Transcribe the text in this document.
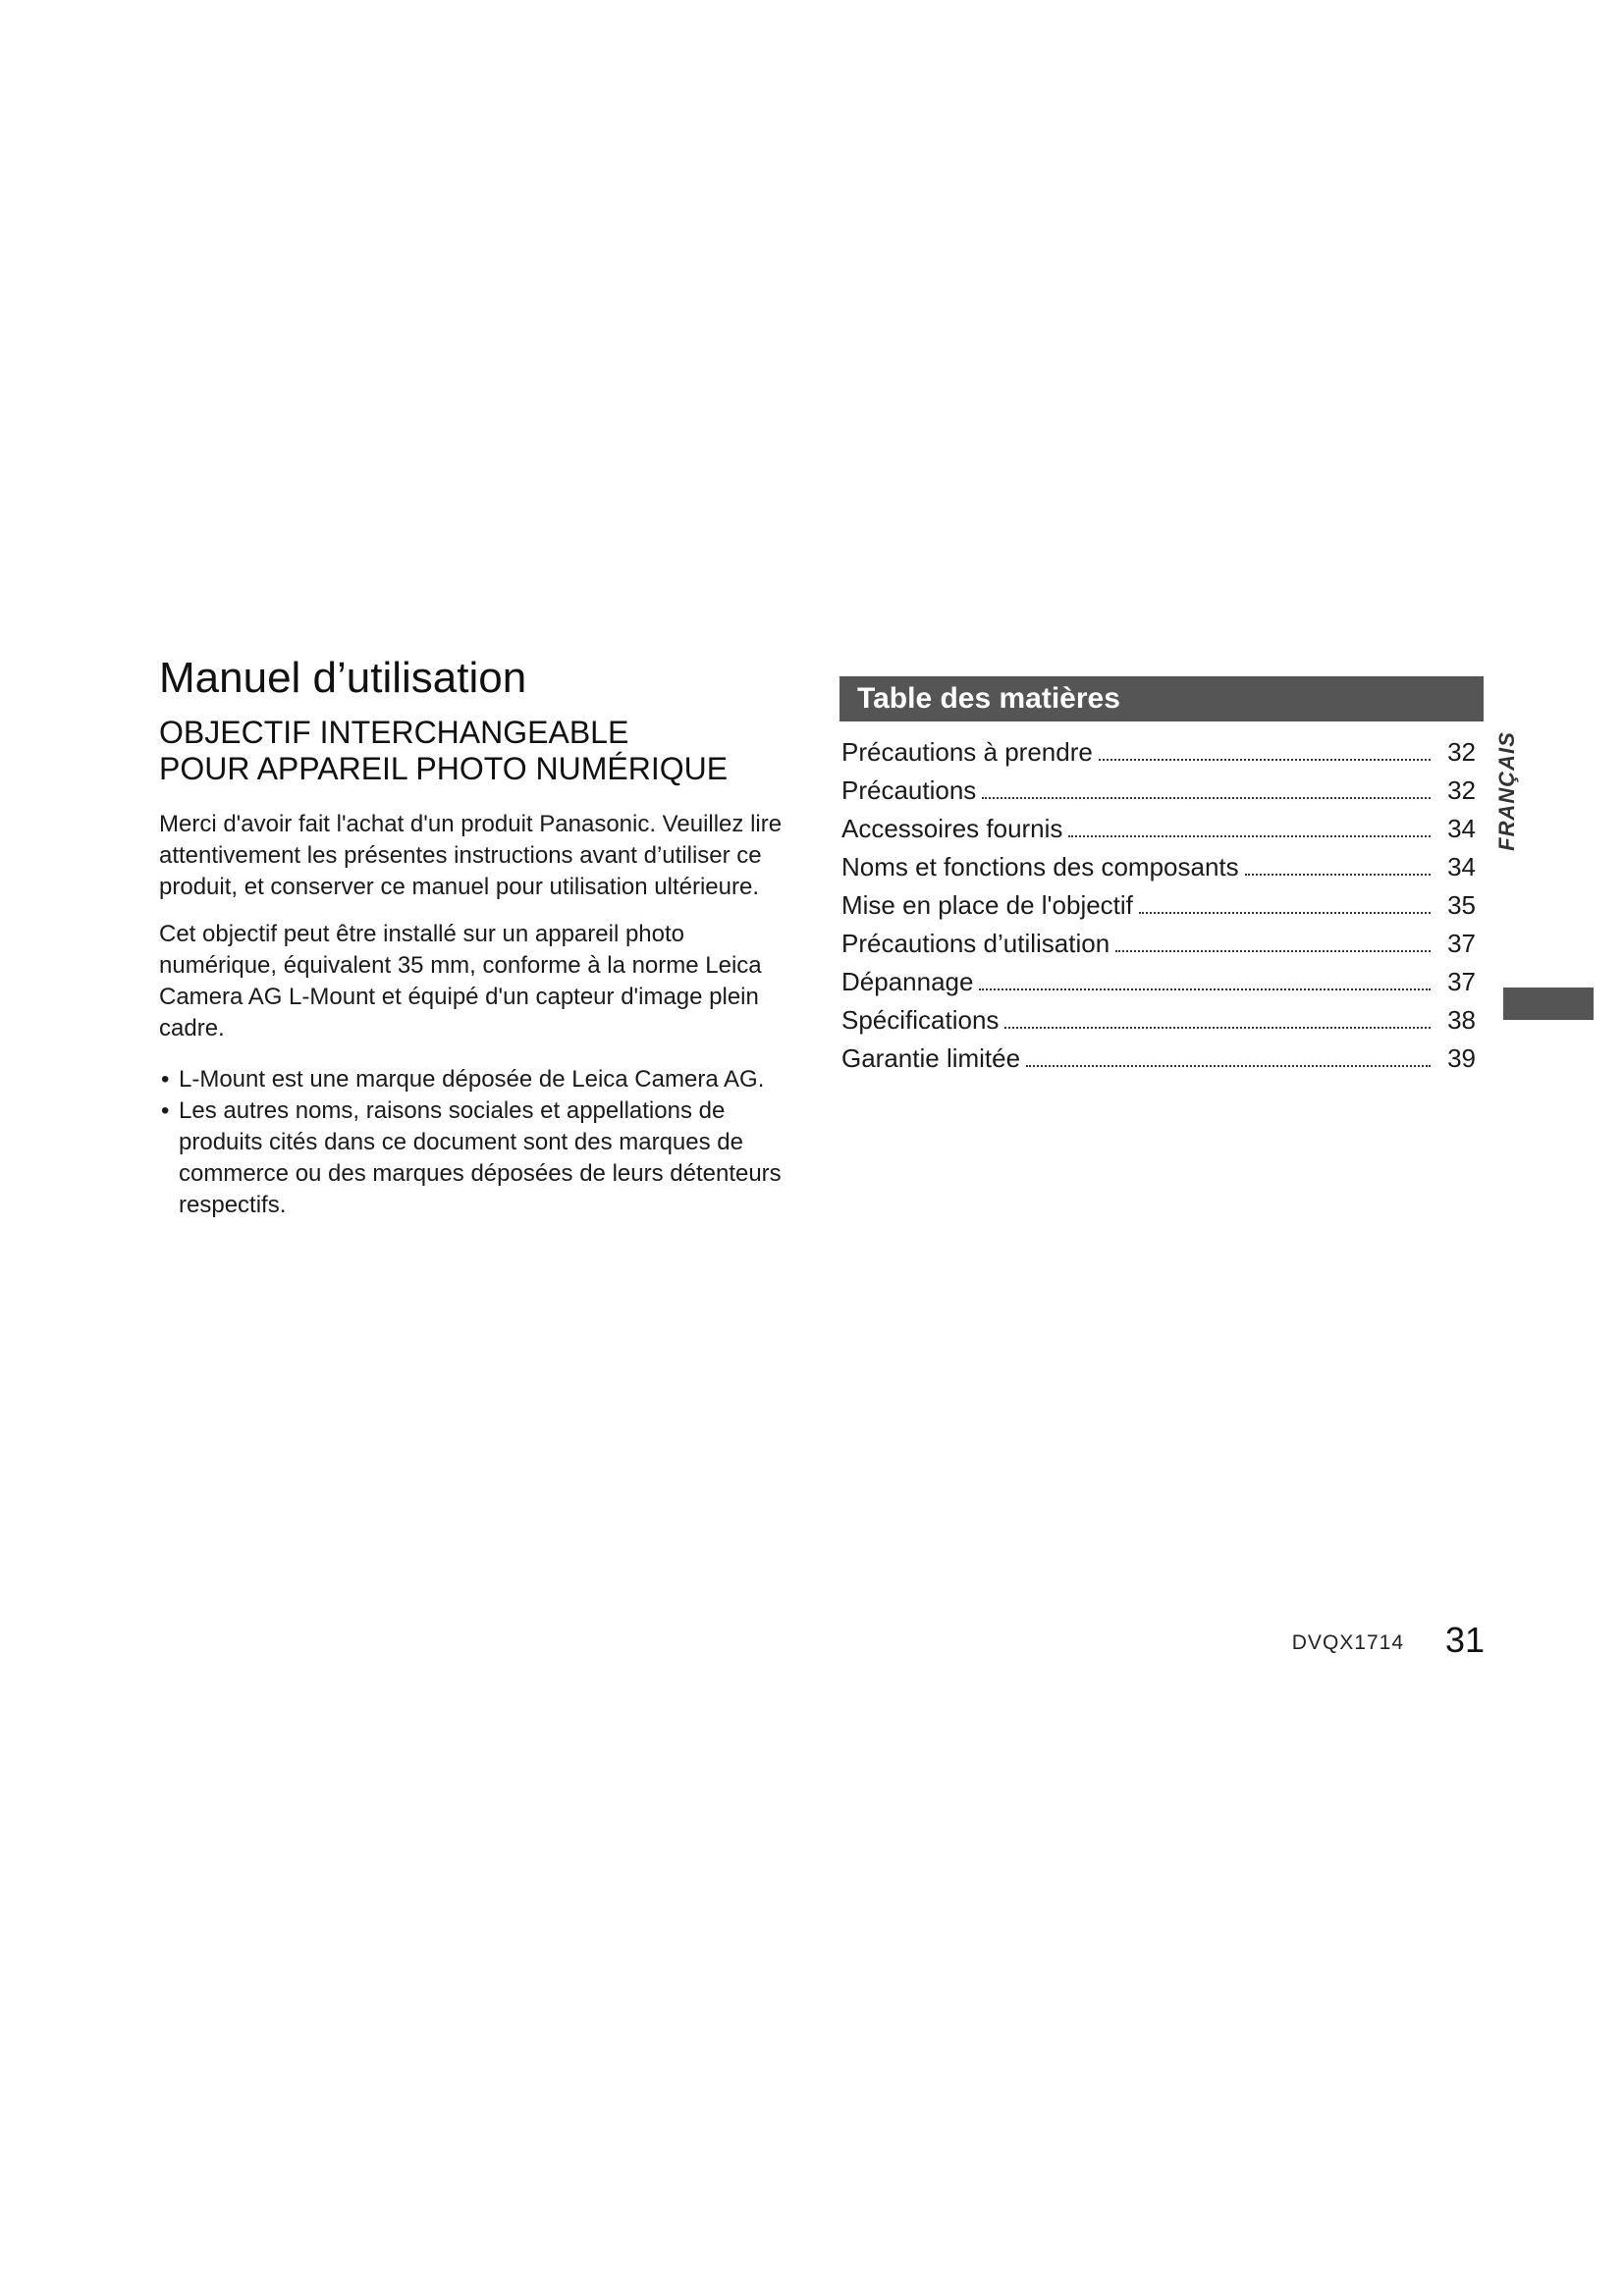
Manuel d’utilisation
OBJECTIF INTERCHANGEABLE
POUR APPAREIL PHOTO NUMÉRIQUE

Merci d'avoir fait l'achat d'un produit Panasonic. Veuillez lire attentivement les présentes instructions avant d’utiliser ce produit, et conserver ce manuel pour utilisation ultérieure.

Cet objectif peut être installé sur un appareil photo numérique, équivalent 35 mm, conforme à la norme Leica Camera AG L-Mount et équipé d'un capteur d'image plein cadre.

• L-Mount est une marque déposée de Leica Camera AG.
• Les autres noms, raisons sociales et appellations de produits cités dans ce document sont des marques de commerce ou des marques déposées de leurs détenteurs respectifs.
Table des matières
Précautions à prendre	32
Précautions	32
Accessoires fournis	34
Noms et fonctions des composants	34
Mise en place de l'objectif	35
Précautions d’utilisation	37
Dépannage	37
Spécifications	38
Garantie limitée	39
FRANÇAIS
DVQX1714 31
